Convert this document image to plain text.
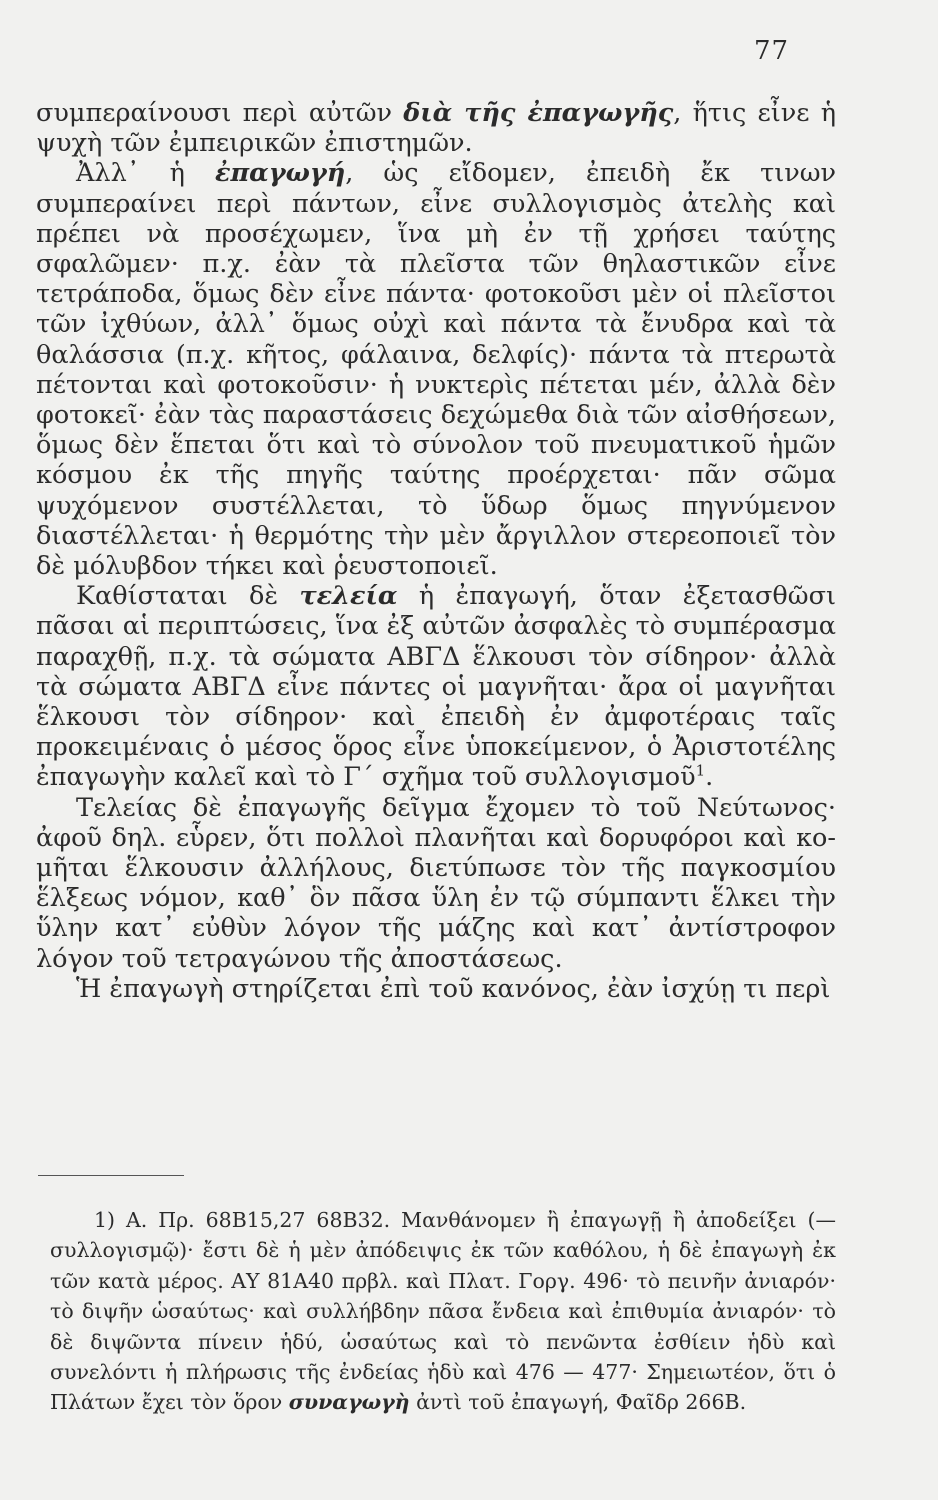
77

συμπεραίνουσι περὶ αὐτῶν διὰ τῆς ἐπαγωγῆς, ἥτις εἶνε ἡ ψυχὴ τῶν ἐμπειρικῶν ἐπιστημῶν.

Ἀλλ᾽ ἡ ἐπαγωγή, ὡς εἴδομεν, ἐπειδὴ ἔκ τινων συμπεραίνει περὶ πάντων, εἶνε συλλογισμὸς ἀτελὴς καὶ πρέπει νὰ προσέχωμεν, ἵνα μὴ ἐν τῇ χρήσει ταύτης σφαλῶμεν· π.χ. ἐὰν τὰ πλεῖστα τῶν θηλαστικῶν εἶνε τετράποδα, ὅμως δὲν εἶνε πάντα· φοτοκοῦσι μὲν οἱ πλεῖστοι τῶν ἰχθύων, ἀλλ᾽ ὅμως οὐχὶ καὶ πάντα τὰ ἔνυδρα καὶ τὰ θαλάσσια (π.χ. κῆτος, φάλαινα, δελφίς)· πάντα τὰ πτερωτὰ πέτονται καὶ φοτοκοῦσιν· ἡ νυκτερὶς πέτεται μέν, ἀλλὰ δὲν φοτοκεῖ· ἐὰν τὰς παραστάσεις δεχώμεθα διὰ τῶν αἰσθήσεων, ὅμως δὲν ἕπεται ὅτι καὶ τὸ σύνολον τοῦ πνευματικοῦ ἡμῶν κόσμου ἐκ τῆς πηγῆς ταύτης προέρχεται· πᾶν σῶμα ψυχόμενον συστέλλεται, τὸ ὕδωρ ὅμως πηγνύμενον διαστέλλεται· ἡ θερμότης τὴν μὲν ἄργιλλον στερεοποιεῖ τὸν δὲ μόλυβδον τήκει καὶ ῥευστοποιεῖ.

Καθίσταται δὲ τελεία ἡ ἐπαγωγή, ὅταν ἐξετασθῶσι πᾶσαι αἱ περιπτώσεις, ἵνα ἐξ αὐτῶν ἀσφαλὲς τὸ συμπέρασμα παραχθῇ, π.χ. τὰ σώματα ΑΒΓΔ ἕλκουσι τὸν σίδηρον· ἀλλὰ τὰ σώματα ΑΒΓΔ εἶνε πάντες οἱ μαγνῆται· ἄρα οἱ μαγνῆται ἕλκουσι τὸν σίδηρον· καὶ ἐπειδὴ ἐν ἀμφοτέραις ταῖς προκειμέναις ὁ μέσος ὅρος εἶνε ὑποκείμενον, ὁ Ἀριστοτέλης ἐπαγωγὴν καλεῖ καὶ τὸ Γ΄ σχῆμα τοῦ συλλογισμοῦ$^1$.

Τελείας δὲ ἐπαγωγῆς δεῖγμα ἔχομεν τὸ τοῦ Νεύτωνος· ἀφοῦ δηλ. εὗρεν, ὅτι πολλοὶ πλανῆται καὶ δορυφόροι καὶ κομῆται ἕλκουσιν ἀλλήλους, διετύπωσε τὸν τῆς παγκοσμίου ἕλξεως νόμον, καθ᾽ ὃν πᾶσα ὕλη ἐν τῷ σύμπαντι ἕλκει τὴν ὕλην κατ᾽ εὐθὺν λόγον τῆς μάζης καὶ κατ᾽ ἀντίστροφον λόγον τοῦ τετραγώνου τῆς ἀποστάσεως.

Ἡ ἐπαγωγὴ στηρίζεται ἐπὶ τοῦ κανόνος, ἐὰν ἰσχύῃ τι περὶ

1) Α. Πρ. 68Β15,27 68Β32. Μανθάνομεν ἢ ἐπαγωγῇ ἢ ἀποδείξει (— συλλογισμῷ)· ἔστι δὲ ἡ μὲν ἀπόδειψις ἐκ τῶν καθόλου, ἡ δὲ ἐπαγωγὴ ἐκ τῶν κατὰ μέρος. ΑΥ 81Α40 πρβλ. καὶ Πλατ. Γοργ. 496· τὸ πεινῆν ἀνιαρόν· τὸ διψῆν ὡσαύτως· καὶ συλλήβδην πᾶσα ἔνδεια καὶ ἐπιθυμία ἀνιαρόν· τὸ δὲ διψῶντα πίνειν ἡδύ, ὡσαύτως καὶ τὸ πενῶντα ἐσθίειν ἡδὺ καὶ συνελόντι ἡ πλήρωσις τῆς ἐνδείας ἡδὺ καὶ 476 — 477· Σημειωτέον, ὅτι ὁ Πλάτων ἔχει τὸν ὅρον συναγωγὴ ἀντὶ τοῦ ἐπαγωγή, Φαῖδρ 266Β.
